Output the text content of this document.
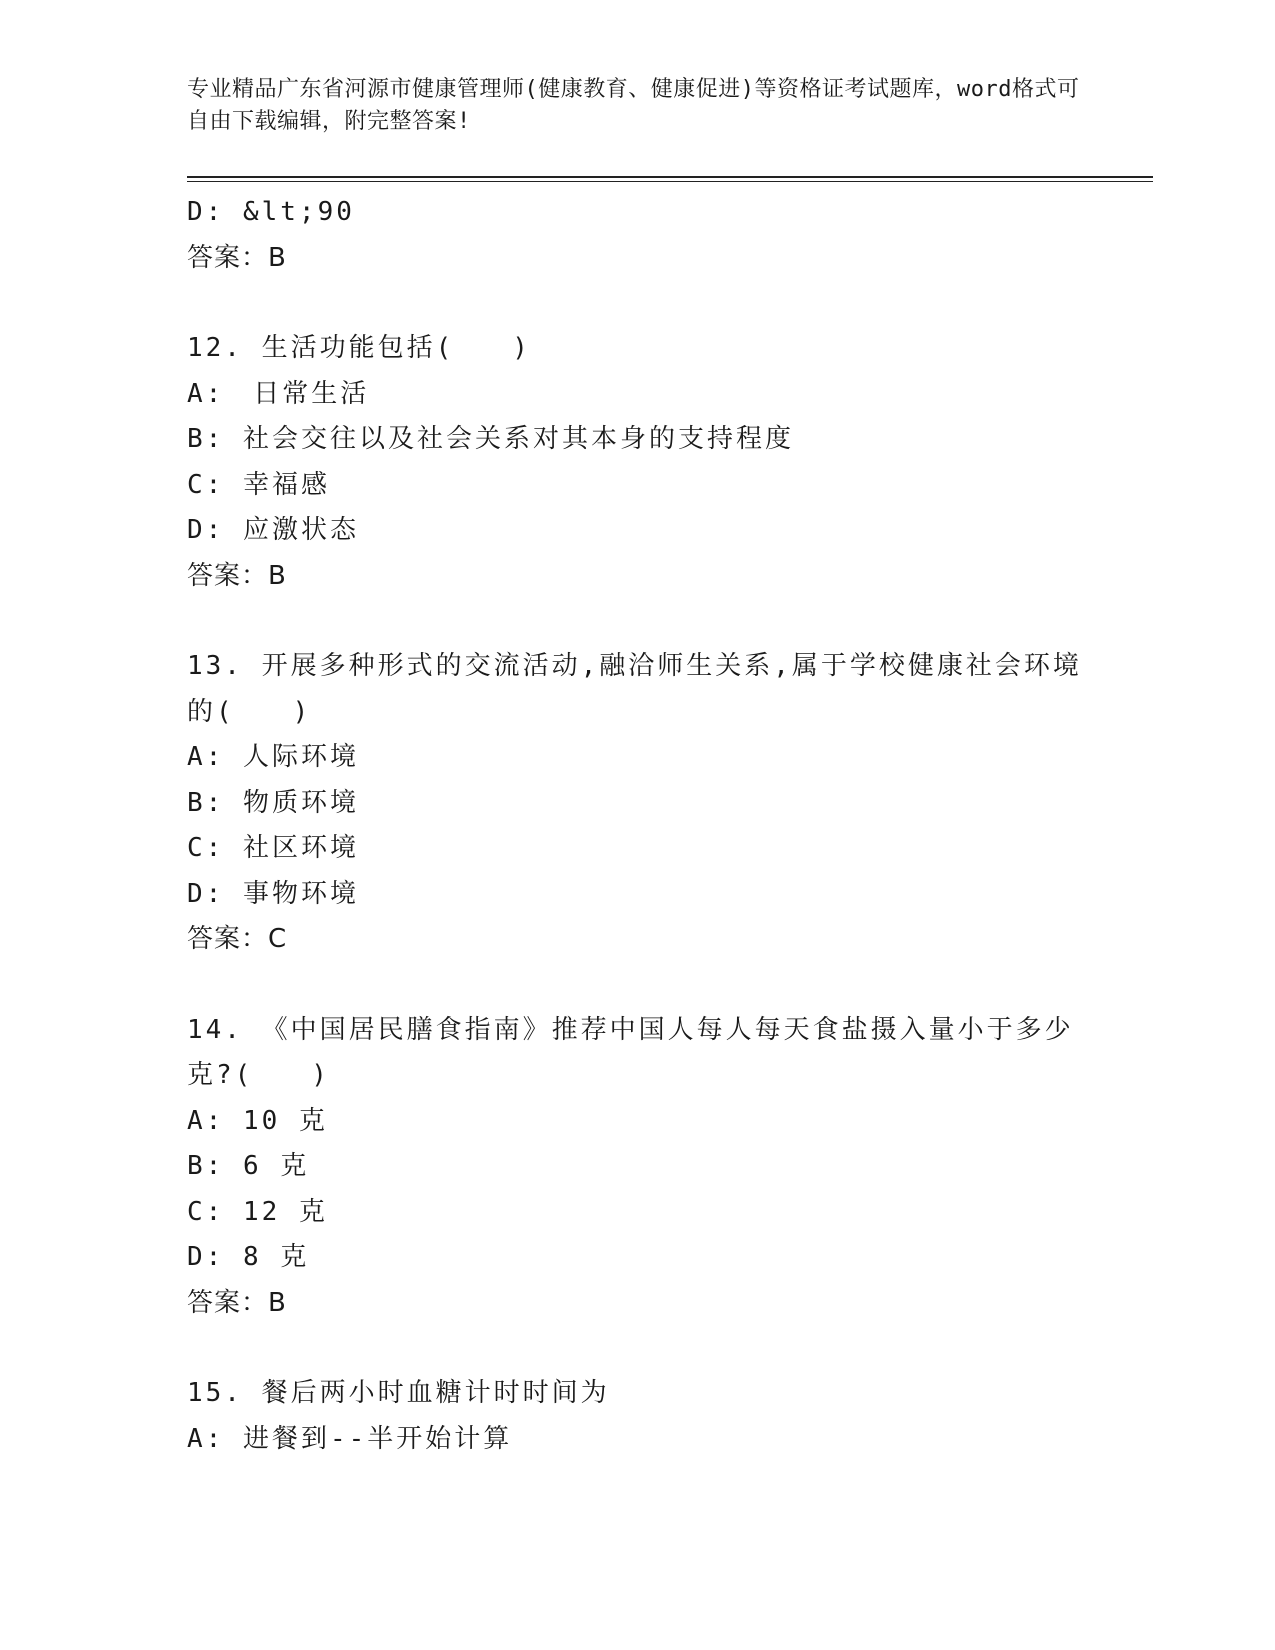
专业精品广东省河源市健康管理师(健康教育、健康促进)等资格证考试题库，word格式可自由下载编辑，附完整答案!
D: &lt;90
答案：B
12. 生活功能包括(　　)
A:　日常生活
B: 社会交往以及社会关系对其本身的支持程度
C: 幸福感
D: 应激状态
答案：B
13. 开展多种形式的交流活动,融洽师生关系,属于学校健康社会环境的(　　)
A: 人际环境
B: 物质环境
C: 社区环境
D: 事物环境
答案：C
14. 《中国居民膳食指南》推荐中国人每人每天食盐摄入量小于多少克?(　　)
A: 10 克
B: 6 克
C: 12 克
D: 8 克
答案：B
15. 餐后两小时血糖计时时间为
A: 进餐到--半开始计算
